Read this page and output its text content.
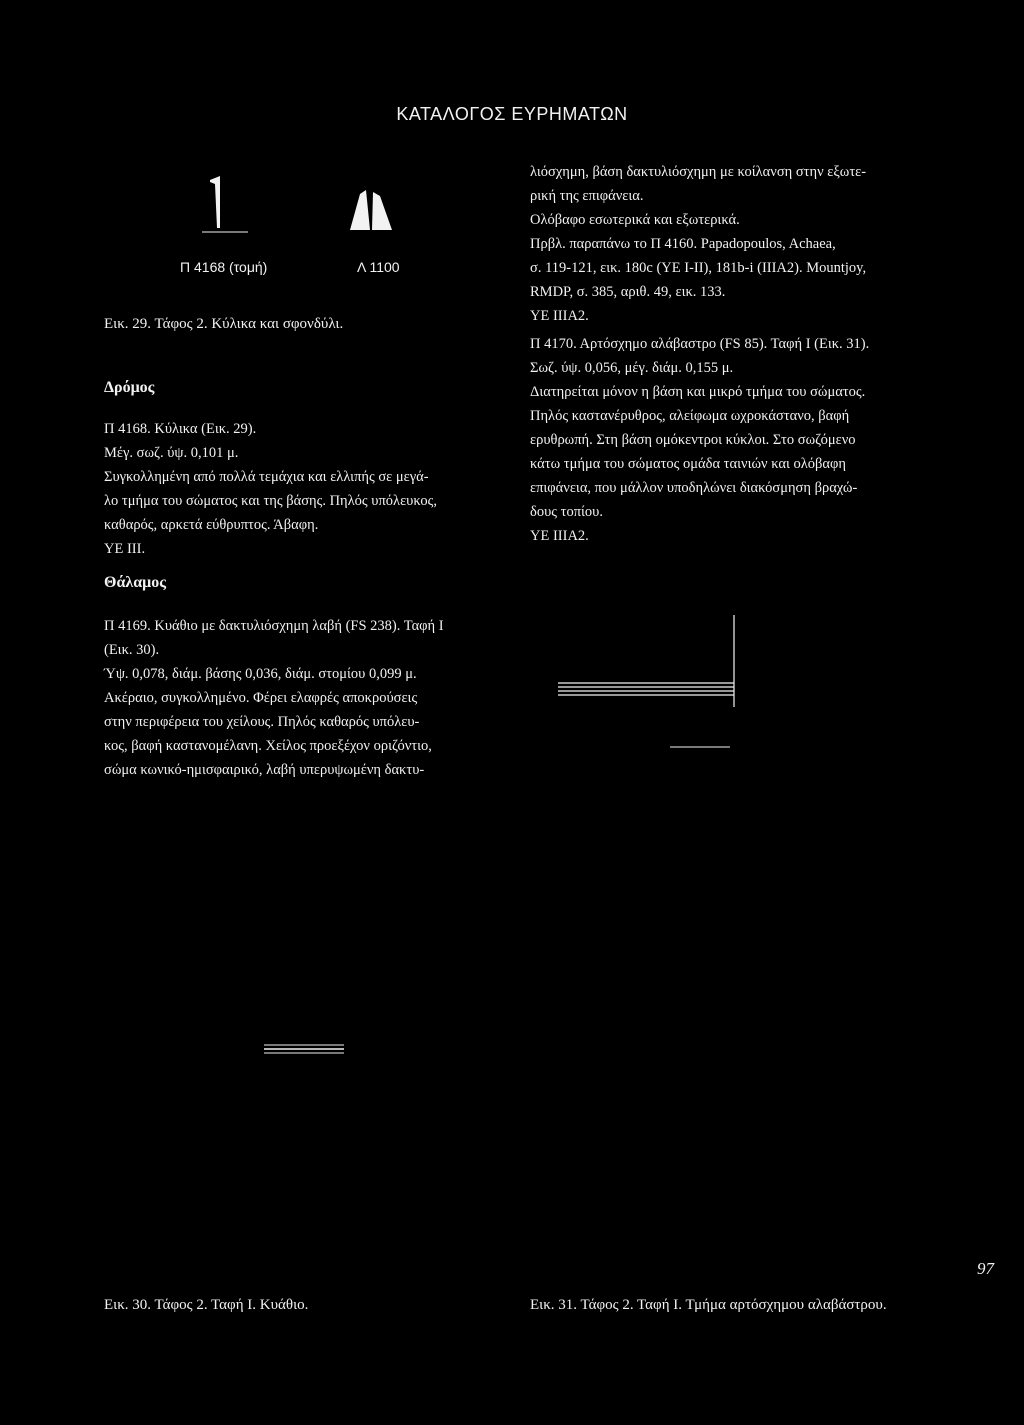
ΚΑΤΑΛΟΓΟΣ ΕΥΡΗΜΑΤΩΝ
Π 4168 (τομή)	Λ 1100
Εικ. 29. Τάφος 2. Κύλικα και σφονδύλι.
Δρόμος

Π 4168. Κύλικα (Εικ. 29).

Μέγ. σωζ. ύψ. 0,101 μ.

Συγκολλημένη από πολλά τεμάχια και ελλιπής σε μεγά-

λο τμήμα του σώματος και της βάσης. Πηλός υπόλευκος,

καθαρός, αρκετά εύθρυπτος. Άβαφη.

ΥΕ ΙΙΙ.

λιόσχημη, βάση δακτυλιόσχημη με κοίλανση στην εξωτε-

ρική της επιφάνεια.

Ολόβαφο εσωτερικά και εξωτερικά.

Πρβλ. παραπάνω το Π 4160. Papadopoulos, Achaea,

σ. 119-121, εικ. 180c (ΥΕ Ι-ΙΙ), 181b-i (ΙΙΙΑ2). Mountjoy,

RMDP, σ. 385, αριθ. 49, εικ. 133.

ΥΕ ΙΙΙΑ2.

Π 4170. Αρτόσχημο αλάβαστρο (FS 85). Ταφή Ι (Εικ. 31).

Σωζ. ύψ. 0,056, μέγ. διάμ. 0,155 μ.

Διατηρείται μόνον η βάση και μικρό τμήμα του σώματος.

Πηλός καστανέρυθρος, αλείφωμα ωχροκάστανο, βαφή

ερυθρωπή. Στη βάση ομόκεντροι κύκλοι. Στο σωζόμενο

κάτω τμήμα του σώματος ομάδα ταινιών και ολόβαφη

επιφάνεια, που μάλλον υποδηλώνει διακόσμηση βραχώ-

δους τοπίου.

ΥΕ ΙΙΙΑ2.

Θάλαμος

Π 4169. Κυάθιο με δακτυλιόσχημη λαβή (FS 238). Ταφή Ι

(Εικ. 30).

Ύψ. 0,078, διάμ. βάσης 0,036, διάμ. στομίου 0,099 μ.

Ακέραιο, συγκολλημένο. Φέρει ελαφρές αποκρούσεις

στην περιφέρεια του χείλους. Πηλός καθαρός υπόλευ-

κος, βαφή καστανομέλανη. Χείλος προεξέχον οριζόντιο,

σώμα κωνικό-ημισφαιρικό, λαβή υπερυψωμένη δακτυ-

97
Εικ. 30. Τάφος 2. Ταφή Ι. Κυάθιο.	Εικ. 31. Τάφος 2. Ταφή Ι. Τμήμα αρτόσχημου αλαβάστρου.
